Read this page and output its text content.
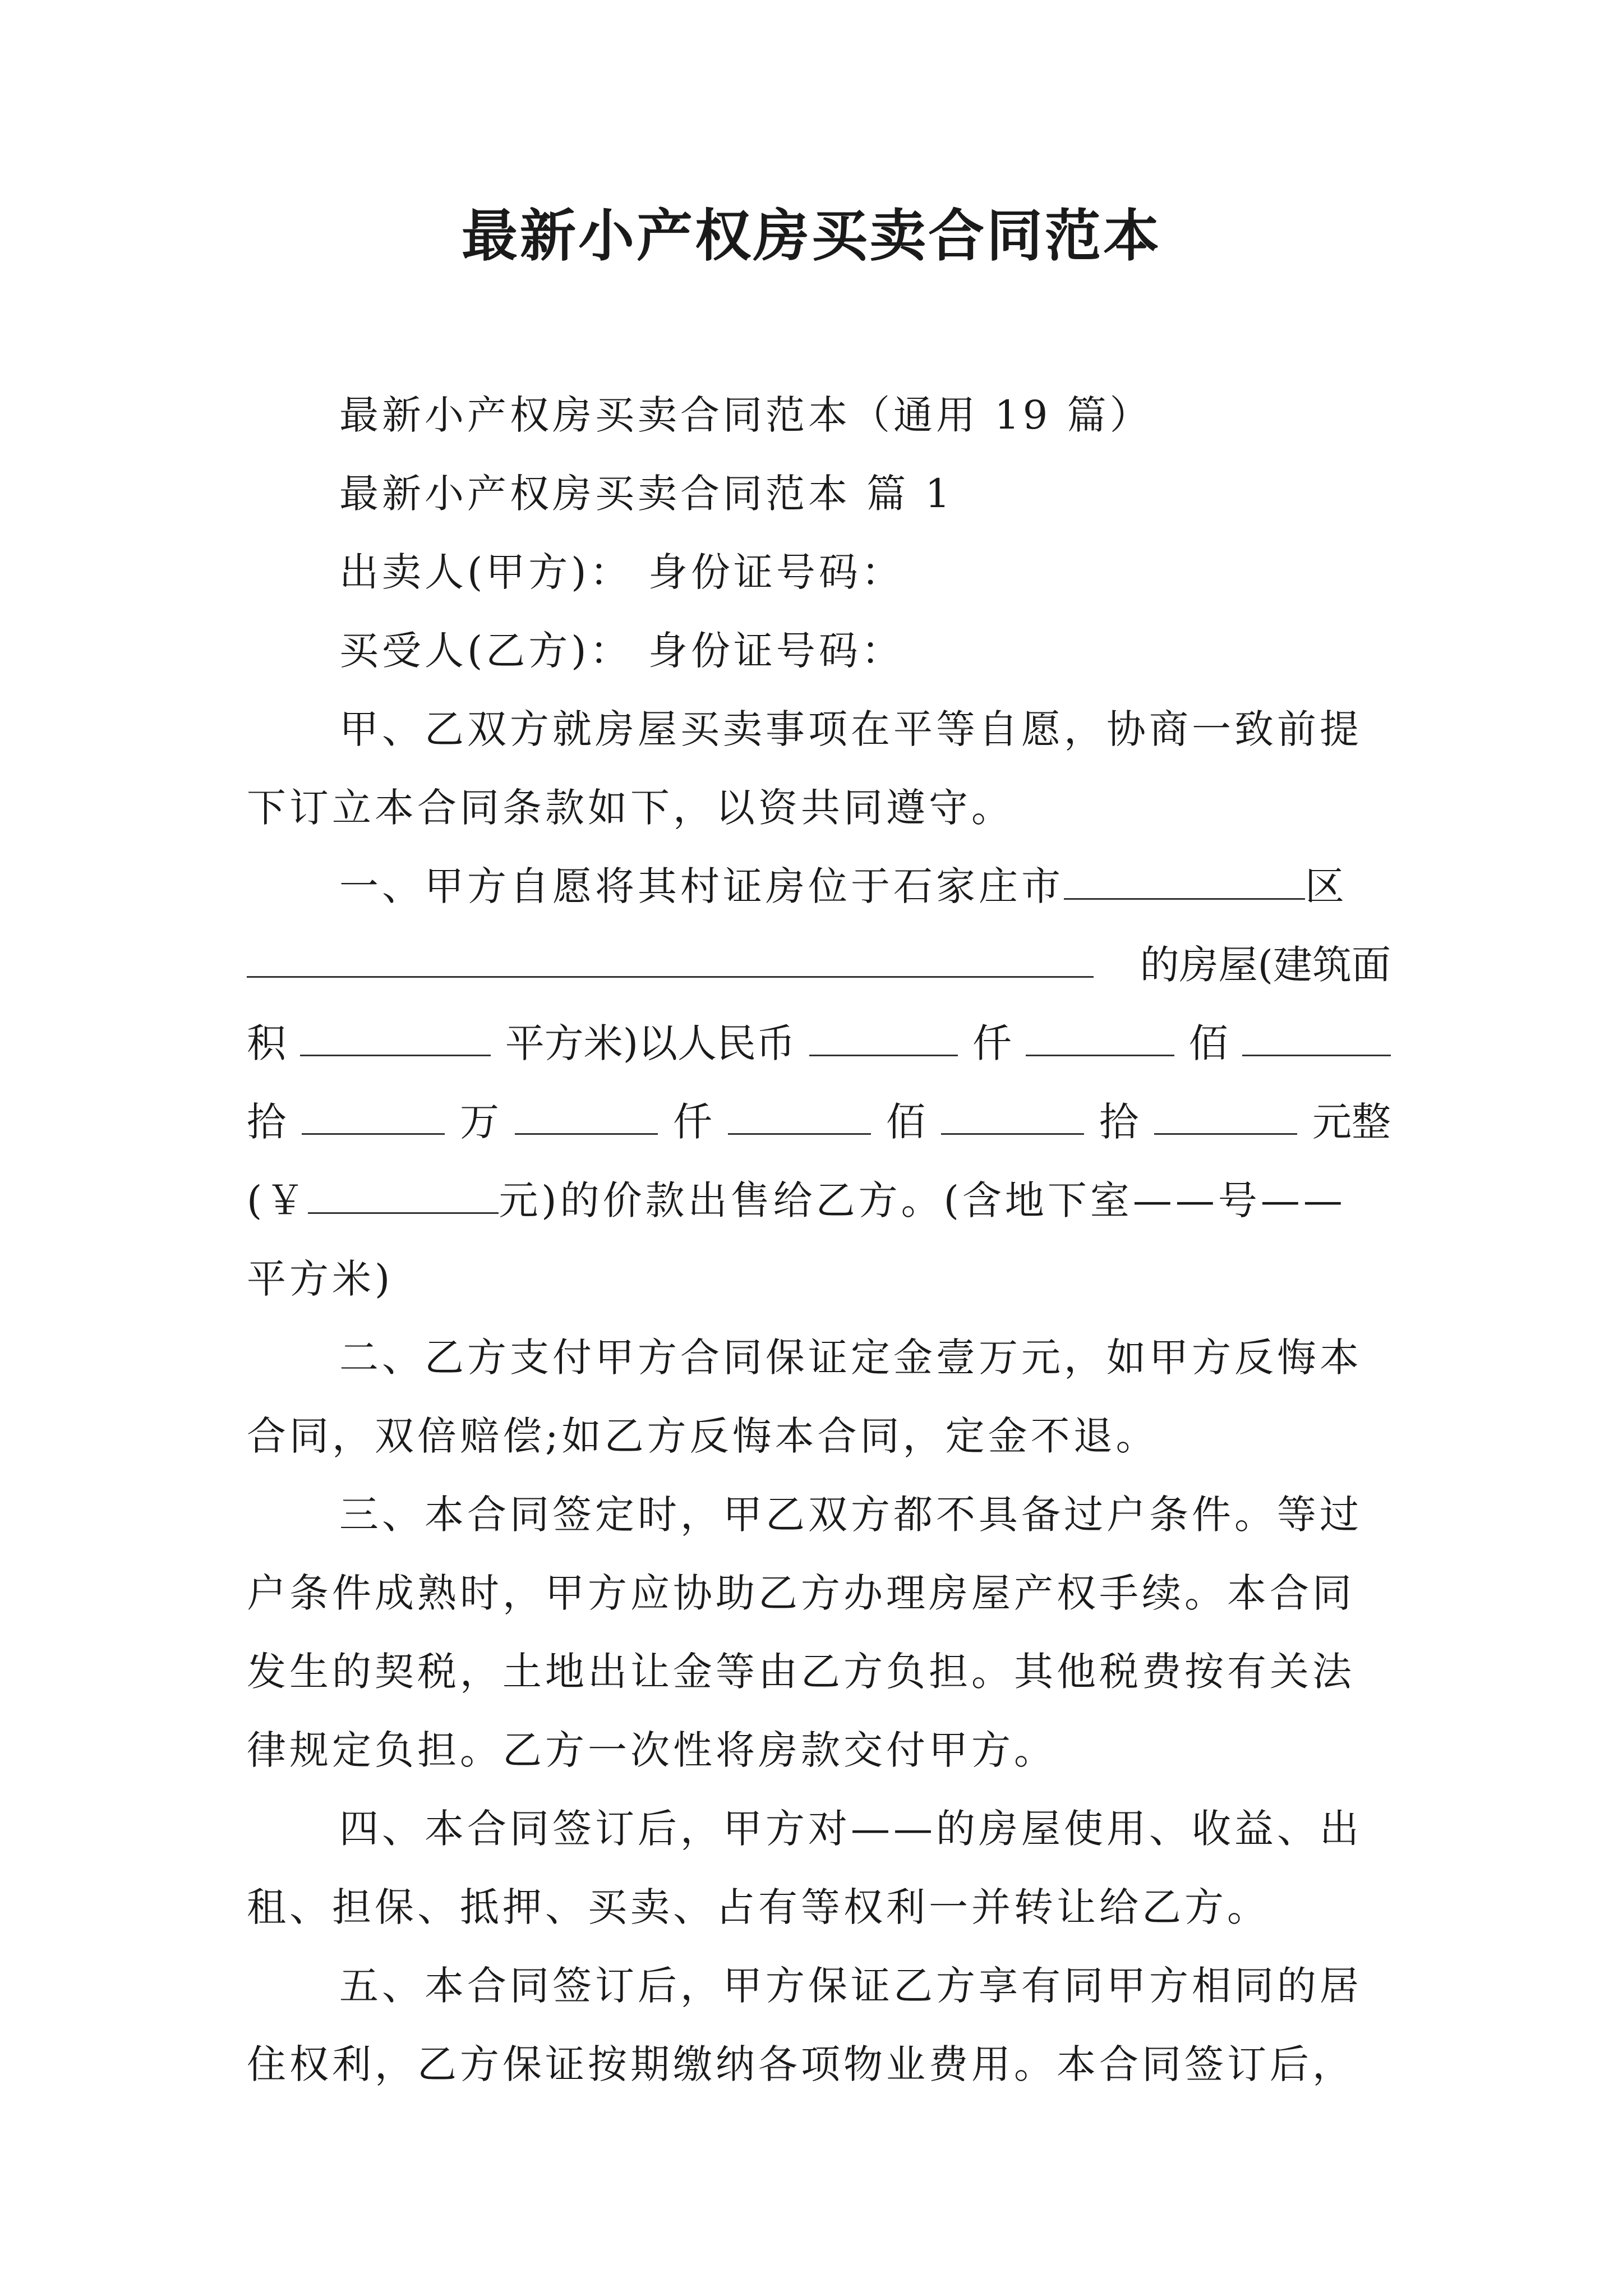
最新小产权房买卖合同范本
最新小产权房买卖合同范本（通用 19 篇）
最新小产权房买卖合同范本 篇 1
出卖人(甲方)： 身份证号码：
买受人(乙方)： 身份证号码：
甲、乙双方就房屋买卖事项在平等自愿，协商一致前提
下订立本合同条款如下，以资共同遵守。
一、甲方自愿将其村证房位于石家庄市	区
的房屋(建筑面
积	平方米)以人民币	仟	佰
拾	万	仟	佰	拾	元整
(￥	元)的价款出售给乙方。(含地下室——号——
平方米)
二、乙方支付甲方合同保证定金壹万元，如甲方反悔本
合同，双倍赔偿;如乙方反悔本合同，定金不退。
三、本合同签定时，甲乙双方都不具备过户条件。等过
户条件成熟时，甲方应协助乙方办理房屋产权手续。本合同
发生的契税，土地出让金等由乙方负担。其他税费按有关法
律规定负担。乙方一次性将房款交付甲方。
四、本合同签订后，甲方对——的房屋使用、收益、出
租、担保、抵押、买卖、占有等权利一并转让给乙方。
五、本合同签订后，甲方保证乙方享有同甲方相同的居
住权利，乙方保证按期缴纳各项物业费用。本合同签订后，
